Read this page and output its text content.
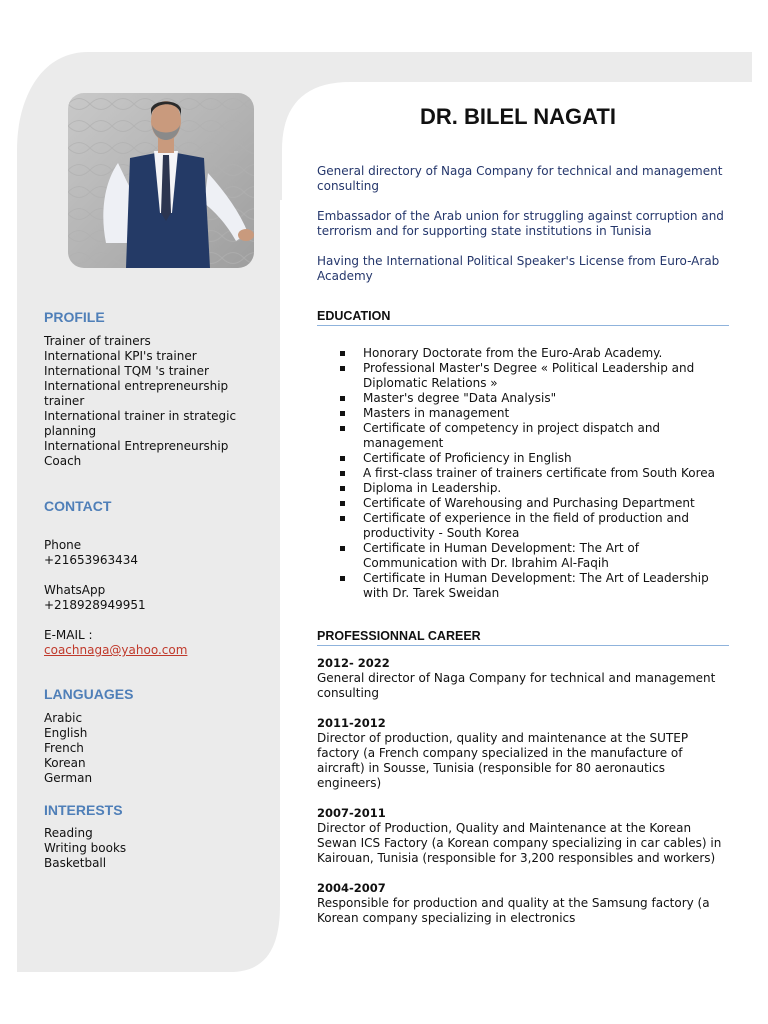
PROFILE
Trainer of trainers
International KPI's trainer
International TQM 's trainer
International entrepreneurship
trainer
International trainer in strategic
planning
International Entrepreneurship
Coach
CONTACT
Phone
+21653963434
WhatsApp
+218928949951
E-MAIL :
coachnaga@yahoo.com
LANGUAGES
Arabic
English
French
Korean
German
INTERESTS
Reading
Writing books
Basketball
DR. BILEL NAGATI
General directory of Naga Company for technical and management consulting
Embassador of the Arab union for struggling against corruption and terrorism and for supporting state institutions in Tunisia
Having the International Political Speaker's License from Euro-Arab Academy
EDUCATION
Honorary Doctorate from the Euro-Arab Academy.
Professional Master's Degree « Political Leadership and Diplomatic Relations »
Master's degree "Data Analysis"
Masters in management
Certificate of competency in project dispatch and management
Certificate of Proficiency in English
A first-class trainer of trainers certificate from South Korea
Diploma in Leadership.
Certificate of Warehousing and Purchasing Department
Certificate of experience in the field of production and productivity - South Korea
Certificate in Human Development: The Art of Communication with Dr. Ibrahim Al-Faqih
Certificate in Human Development: The Art of Leadership with Dr. Tarek Sweidan
PROFESSIONNAL CAREER
2012- 2022
General director of Naga Company for technical and management consulting
2011-2012
Director of production, quality and maintenance at the SUTEP factory (a French company specialized in the manufacture of aircraft) in Sousse, Tunisia (responsible for 80 aeronautics engineers)
2007-2011
Director of Production, Quality and Maintenance at the Korean Sewan ICS Factory (a Korean company specializing in car cables) in Kairouan, Tunisia (responsible for 3,200 responsibles and workers)
2004-2007
Responsible for production and quality at the Samsung factory (a Korean company specializing in electronics
